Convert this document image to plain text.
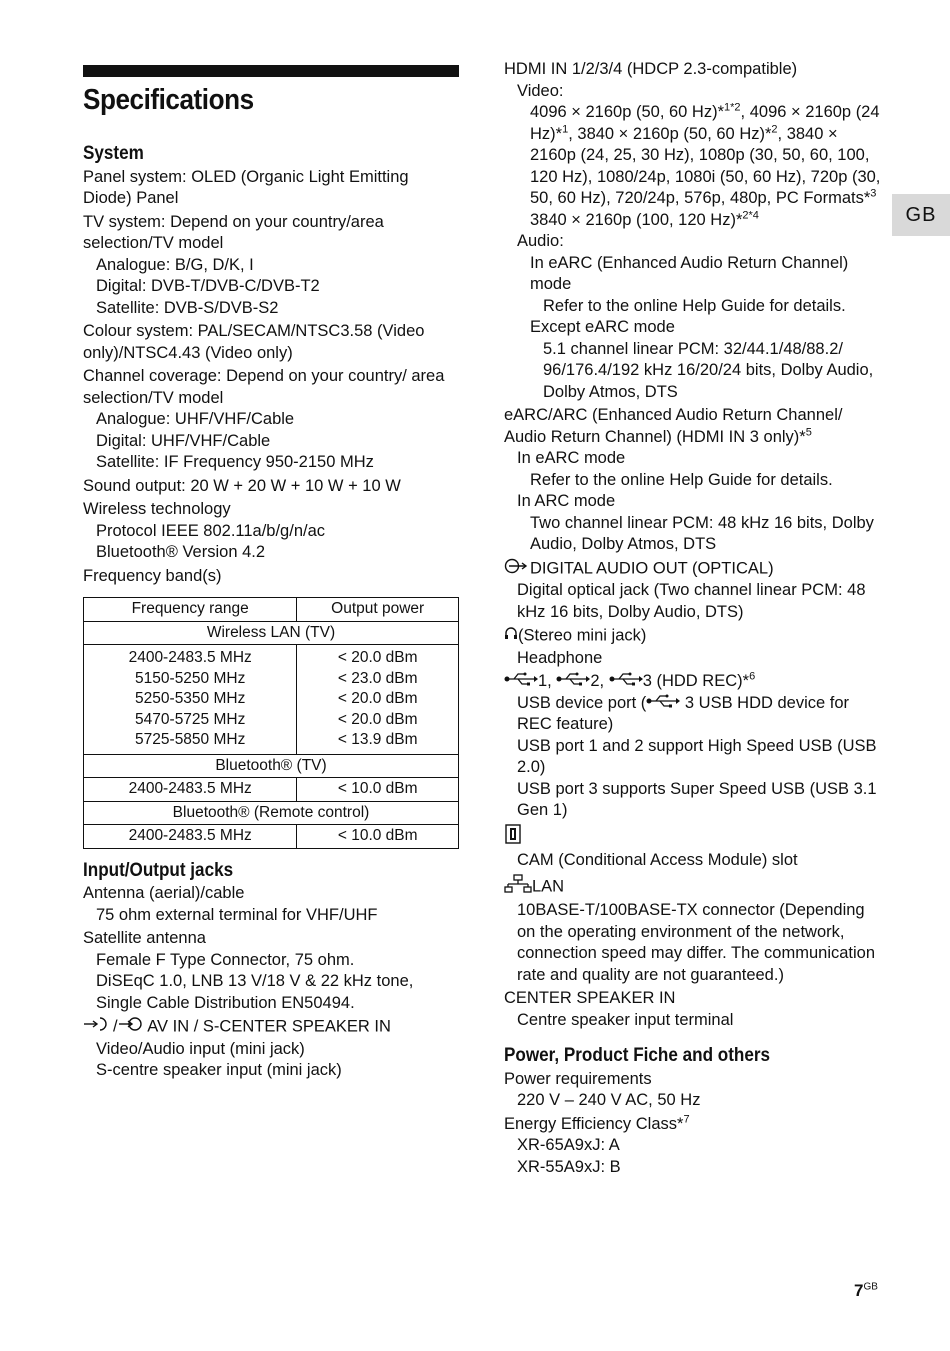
Specifications
GB

System

Panel system: OLED (Organic Light Emitting Diode) Panel

TV system: Depend on your country/area selection/TV model

Analogue: B/G, D/K, I

Digital: DVB-T/DVB-C/DVB-T2

Satellite: DVB-S/DVB-S2

Colour system: PAL/SECAM/NTSC3.58 (Video only)/NTSC4.43 (Video only)

Channel coverage: Depend on your country/ area selection/TV model

Analogue: UHF/VHF/Cable

Digital: UHF/VHF/Cable

Satellite: IF Frequency 950-2150 MHz

Sound output: 20 W + 20 W + 10 W + 10 W

Wireless technology

Protocol IEEE 802.11a/b/g/n/ac

Bluetooth® Version 4.2

Frequency band(s)

Frequency range	Output power
Wireless LAN (TV)	
2400-2483.5 MHz	< 20.0 dBm
5150-5250 MHz	< 23.0 dBm
5250-5350 MHz	< 20.0 dBm
5470-5725 MHz	< 20.0 dBm
5725-5850 MHz	< 13.9 dBm
Bluetooth® (TV)	
2400-2483.5 MHz	< 10.0 dBm
Bluetooth® (Remote control)	
2400-2483.5 MHz	< 10.0 dBm

Input/Output jacks

Antenna (aerial)/cable

75 ohm external terminal for VHF/UHF

Satellite antenna

Female F Type Connector, 75 ohm.

DiSEqC 1.0, LNB 13 V/18 V & 22 kHz tone, Single Cable Distribution EN50494.

/ AV IN / S-CENTER SPEAKER IN

Video/Audio input (mini jack)

S-centre speaker input (mini jack)

HDMI IN 1/2/3/4 (HDCP 2.3-compatible)

Video:

4096 × 2160p (50, 60 Hz)*$^{1*2}$, 4096 × 2160p (24 Hz)*$^1$, 3840 × 2160p (50, 60 Hz)*$^2$, 3840 × 2160p (24, 25, 30 Hz), 1080p (30, 50, 60, 100, 120 Hz), 1080/24p, 1080i (50, 60 Hz), 720p (30, 50, 60 Hz), 720/24p, 576p, 480p, PC Formats*$^3$

3840 × 2160p (100, 120 Hz)*$^{2*4}$

Audio:

In eARC (Enhanced Audio Return Channel) mode

Refer to the online Help Guide for details.

Except eARC mode

5.1 channel linear PCM: 32/44.1/48/88.2/ 96/176.4/192 kHz 16/20/24 bits, Dolby Audio, Dolby Atmos, DTS

eARC/ARC (Enhanced Audio Return Channel/ Audio Return Channel) (HDMI IN 3 only)*$^5$

In eARC mode

Refer to the online Help Guide for details.

In ARC mode

Two channel linear PCM: 48 kHz 16 bits, Dolby Audio, Dolby Atmos, DTS

DIGITAL AUDIO OUT (OPTICAL)

Digital optical jack (Two channel linear PCM: 48 kHz 16 bits, Dolby Audio, DTS)

(Stereo mini jack)

Headphone

1, 2, 3 (HDD REC)*$^6$

USB device port ( 3 USB HDD device for REC feature)

USB port 1 and 2 support High Speed USB (USB 2.0)

USB port 3 supports Super Speed USB (USB 3.1 Gen 1)

CAM (Conditional Access Module) slot

LAN

10BASE-T/100BASE-TX connector (Depending on the operating environment of the network, connection speed may differ. The communication rate and quality are not guaranteed.)

CENTER SPEAKER IN

Centre speaker input terminal

Power, Product Fiche and others

Power requirements

220 V – 240 V AC, 50 Hz

Energy Efficiency Class*$^7$

XR-65A9xJ: A

XR-55A9xJ: B

$7^{GB}$
